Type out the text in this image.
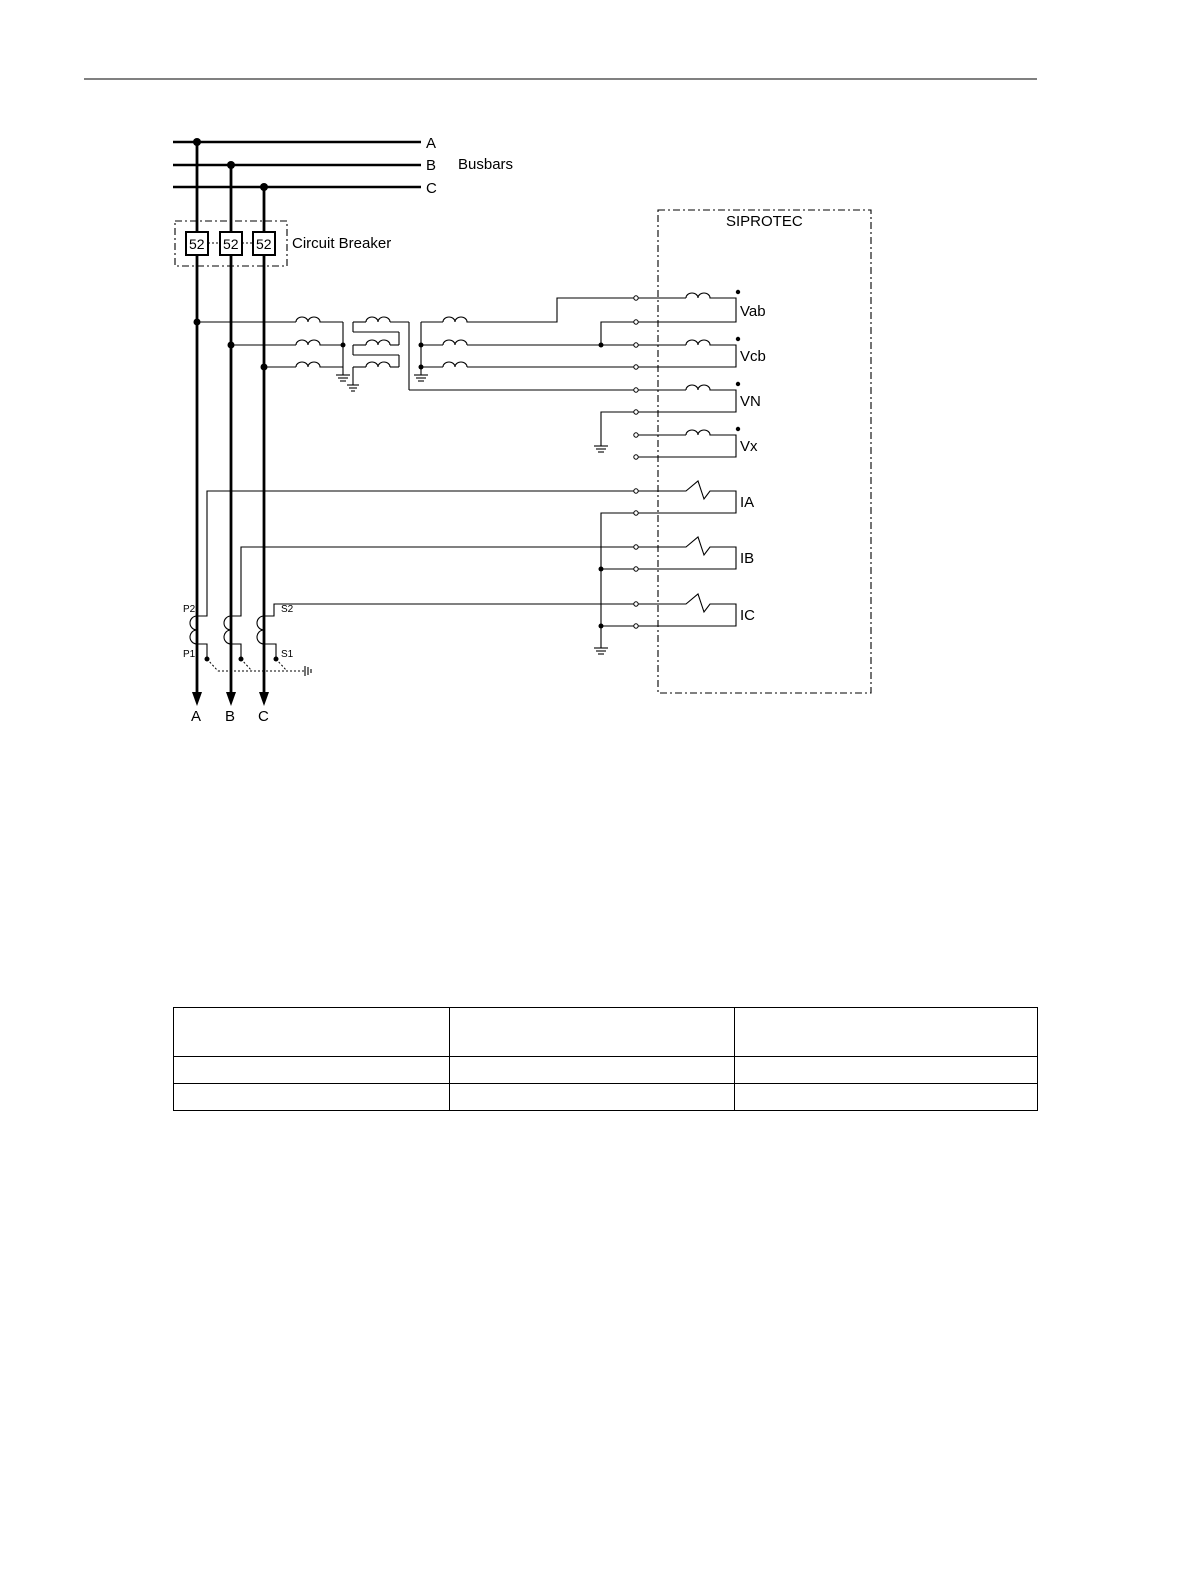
A
B
C
Busbars
A B C
52 52 52 Circuit Breaker
P2
P1
S2
S1
SIPROTEC
Vab
Vcb
VN
Vx
IA
IB
IC
